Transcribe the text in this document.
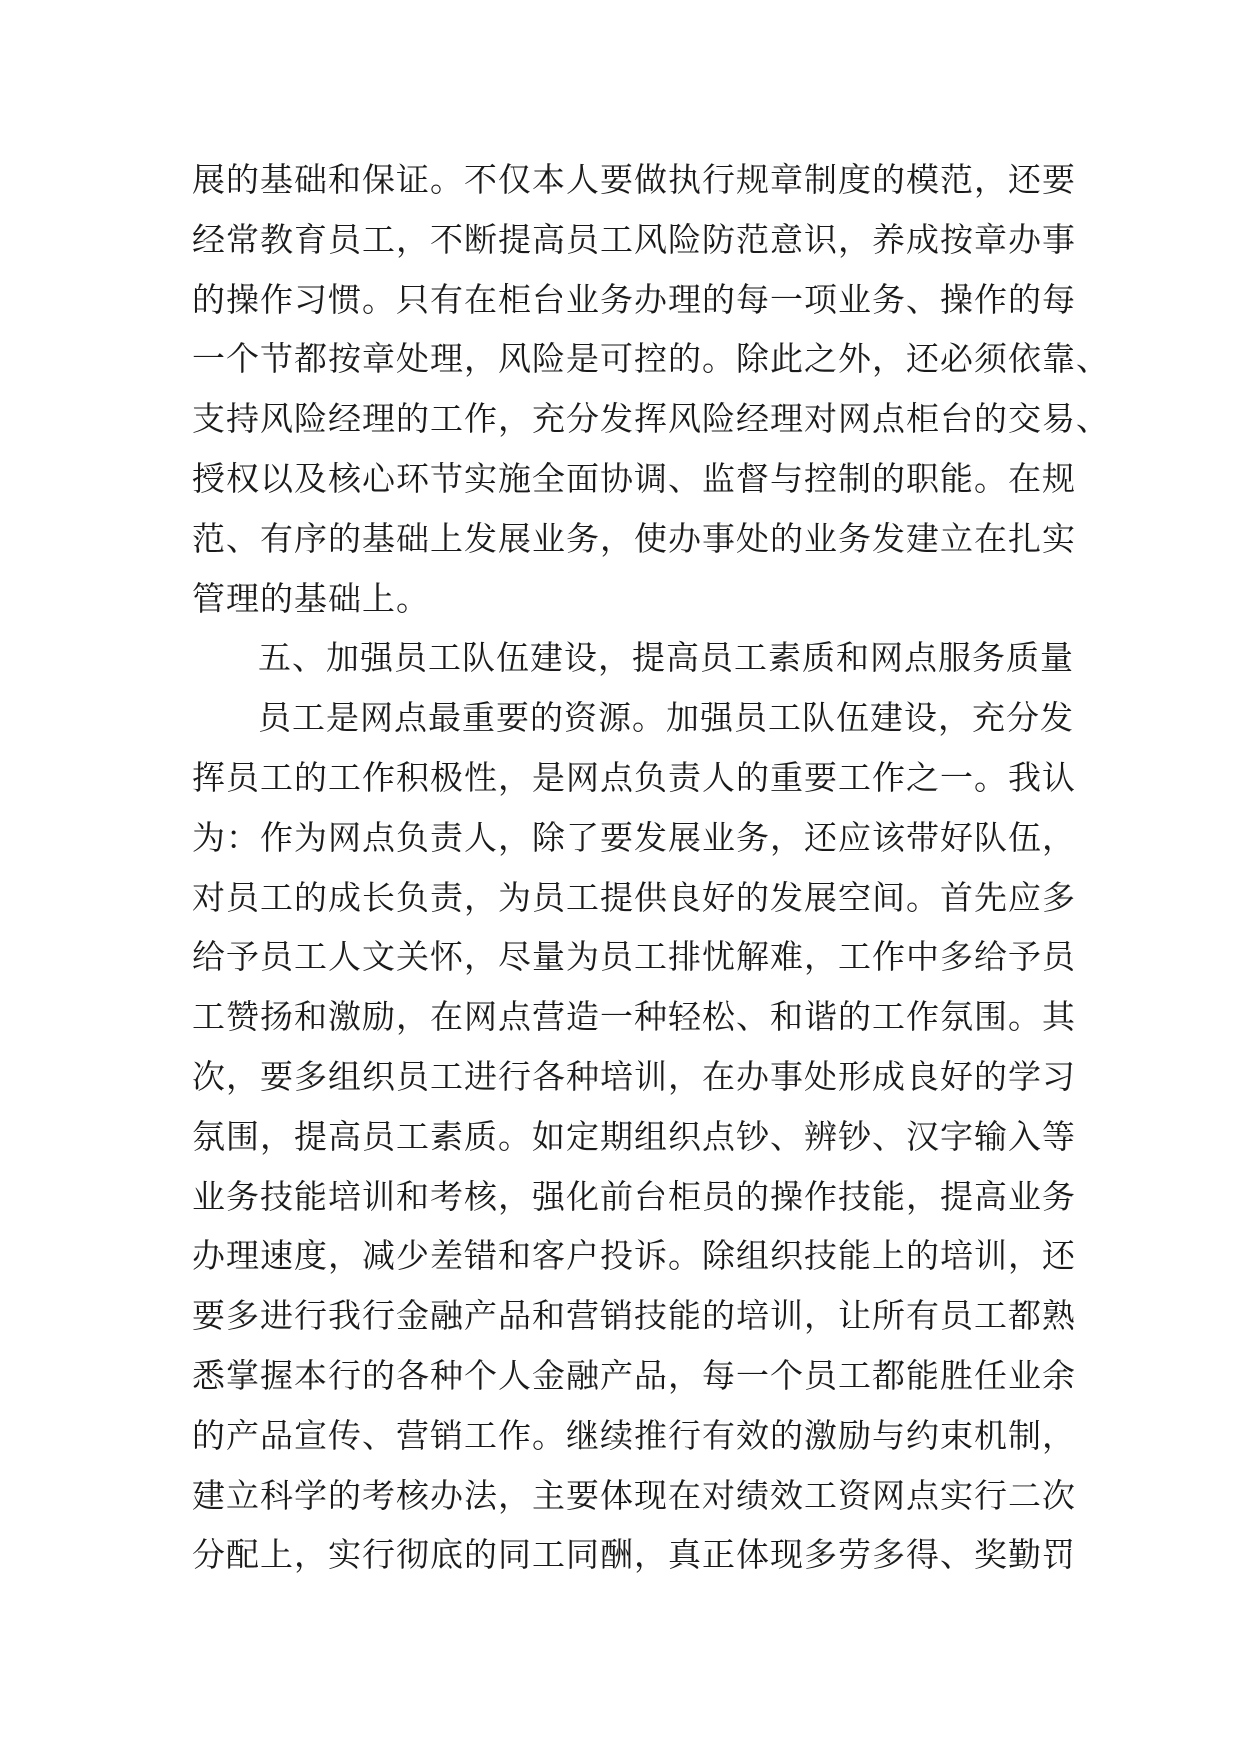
展的基础和保证。不仅本人要做执行规章制度的模范，还要
经常教育员工，不断提高员工风险防范意识，养成按章办事
的操作习惯。只有在柜台业务办理的每一项业务、操作的每
一个节都按章处理，风险是可控的。除此之外，还必须依靠、
支持风险经理的工作，充分发挥风险经理对网点柜台的交易、
授权以及核心环节实施全面协调、监督与控制的职能。在规
范、有序的基础上发展业务，使办事处的业务发建立在扎实
管理的基础上。
五、加强员工队伍建设，提高员工素质和网点服务质量
员工是网点最重要的资源。加强员工队伍建设，充分发
挥员工的工作积极性，是网点负责人的重要工作之一。我认
为：作为网点负责人，除了要发展业务，还应该带好队伍，
对员工的成长负责，为员工提供良好的发展空间。首先应多
给予员工人文关怀，尽量为员工排忧解难，工作中多给予员
工赞扬和激励，在网点营造一种轻松、和谐的工作氛围。其
次，要多组织员工进行各种培训，在办事处形成良好的学习
氛围，提高员工素质。如定期组织点钞、辨钞、汉字输入等
业务技能培训和考核，强化前台柜员的操作技能，提高业务
办理速度，减少差错和客户投诉。除组织技能上的培训，还
要多进行我行金融产品和营销技能的培训，让所有员工都熟
悉掌握本行的各种个人金融产品，每一个员工都能胜任业余
的产品宣传、营销工作。继续推行有效的激励与约束机制，
建立科学的考核办法，主要体现在对绩效工资网点实行二次
分配上，实行彻底的同工同酬，真正体现多劳多得、奖勤罚
